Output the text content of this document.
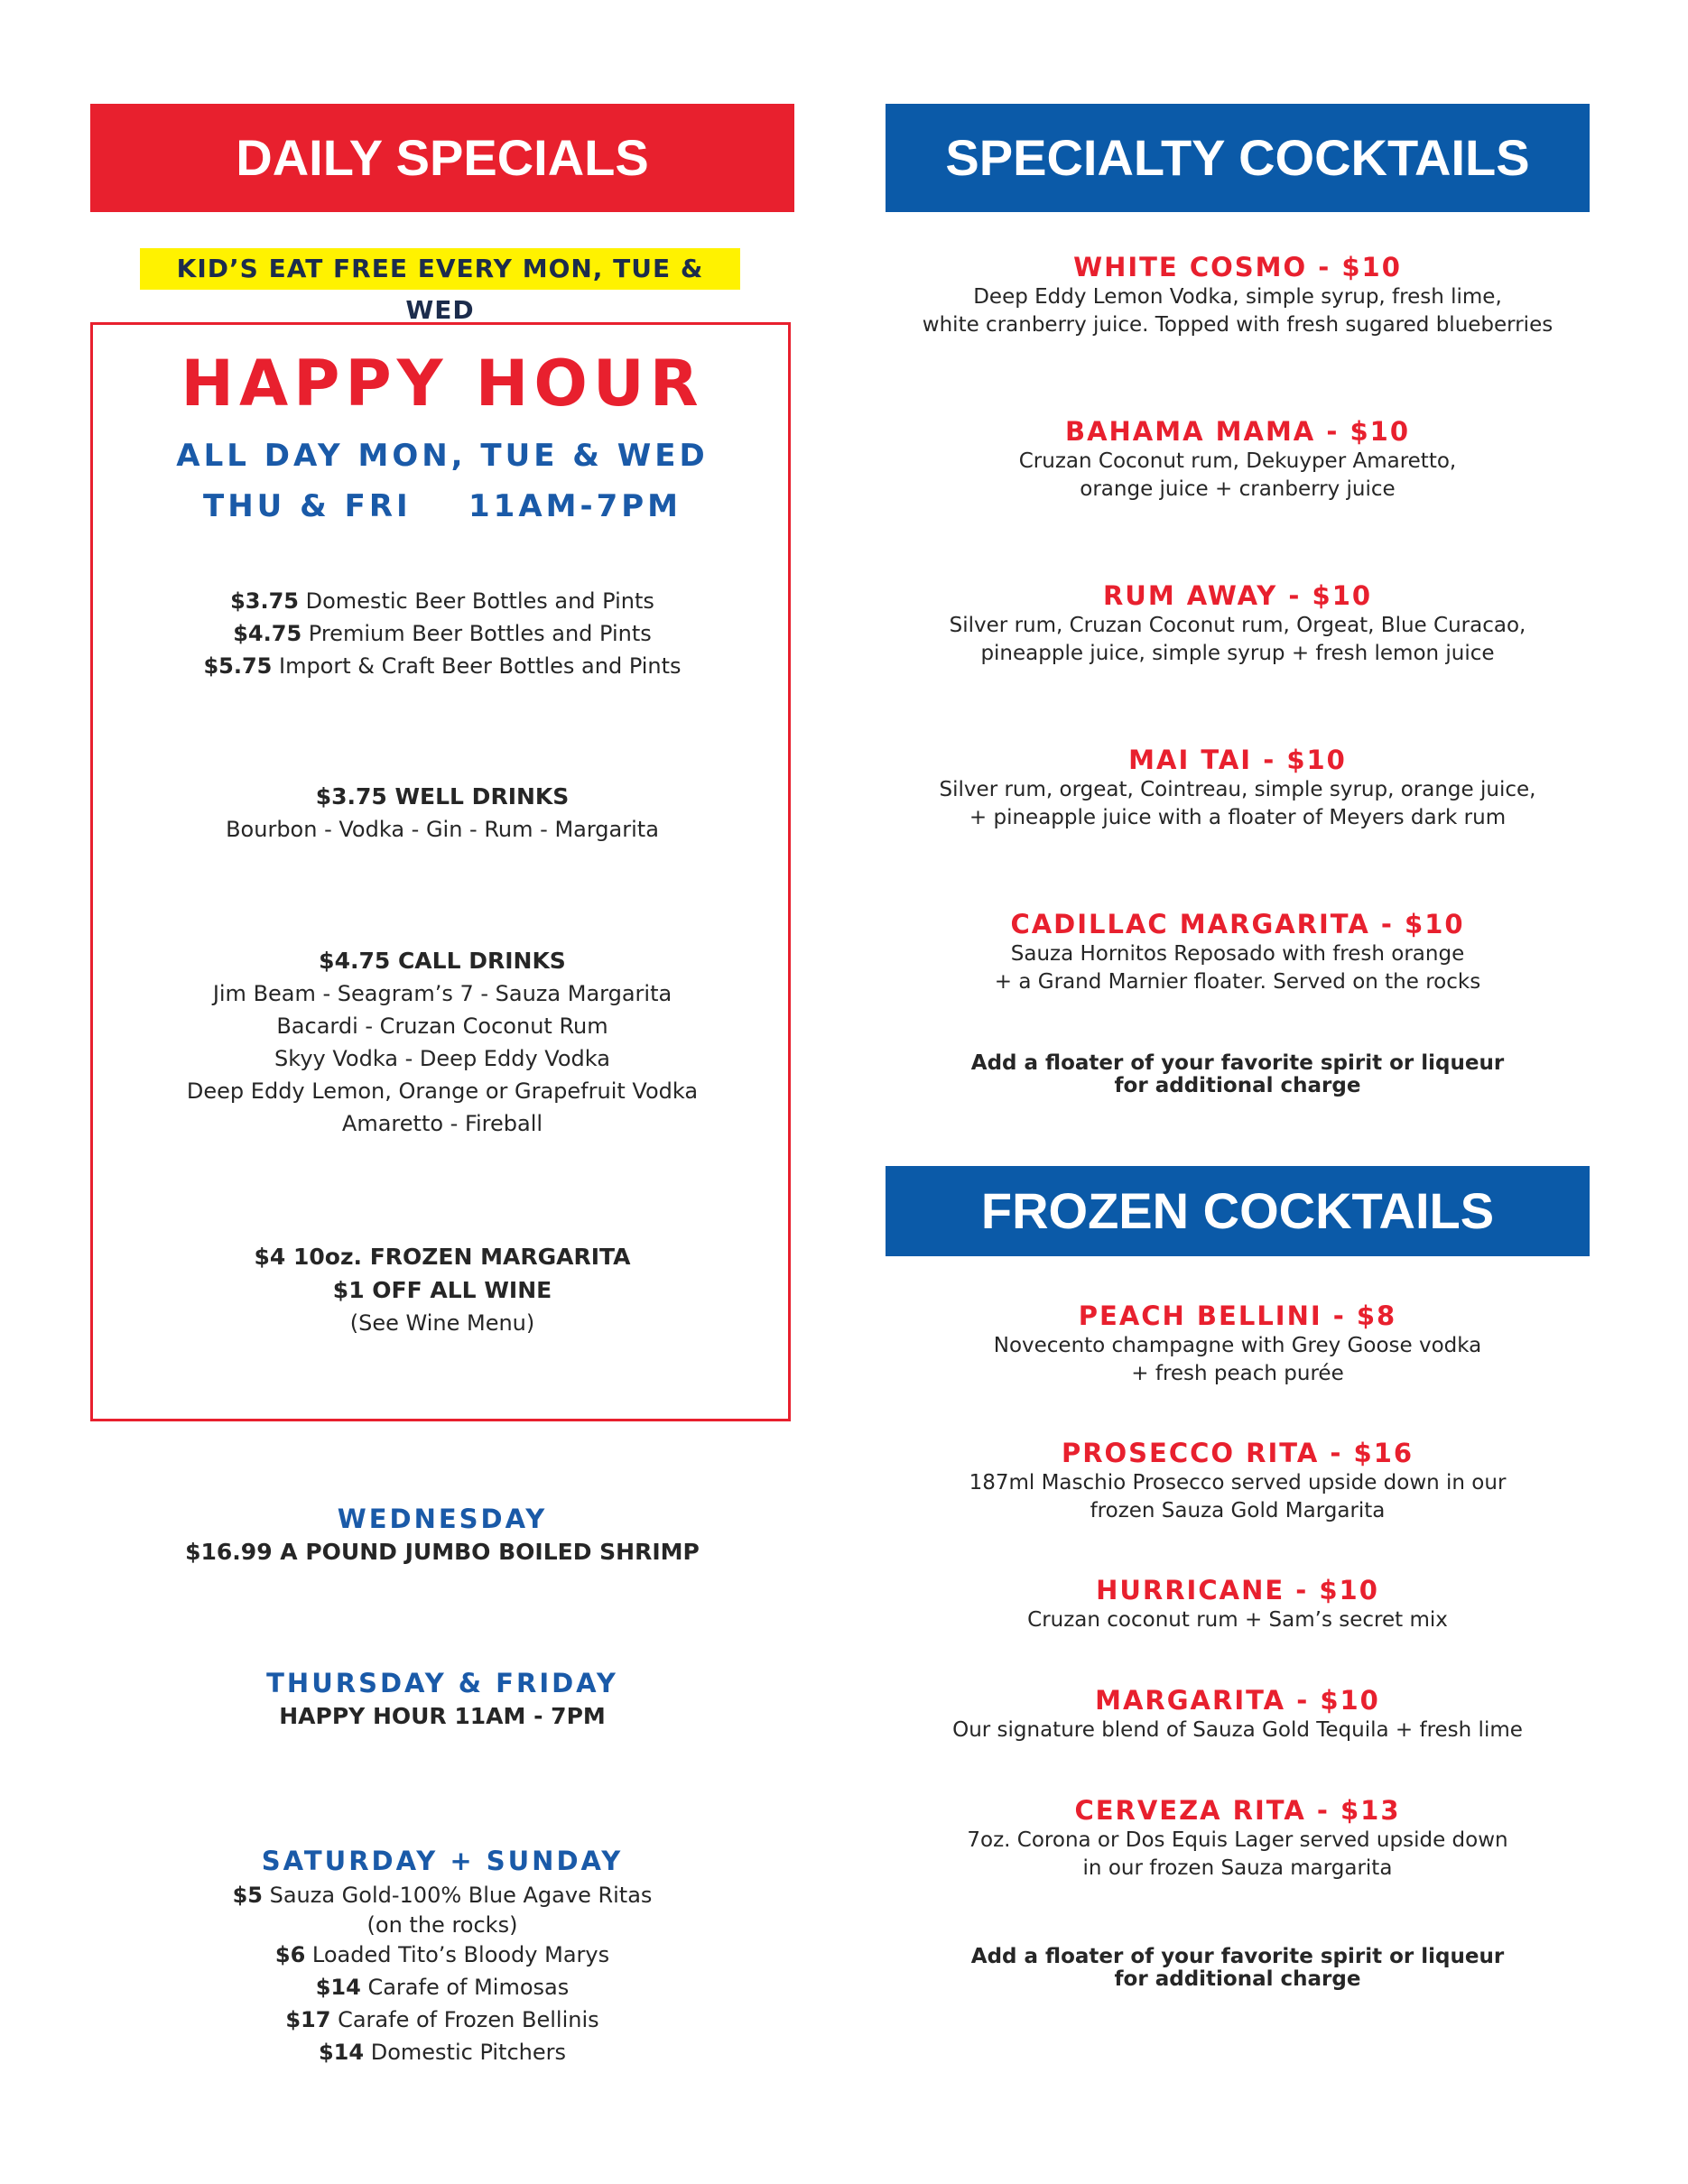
DAILY SPECIALS	SPECIALTY COCKTAILS
FROZEN COCKTAILS
KID’S EAT FREE EVERY MON, TUE & WED
HAPPY HOUR
ALL DAY MON, TUE & WED
THU & FRI    11AM-7PM
$3.75 Domestic Beer Bottles and Pints
$4.75 Premium Beer Bottles and Pints
$5.75 Import & Craft Beer Bottles and Pints
$3.75 WELL DRINKS
Bourbon - Vodka - Gin - Rum - Margarita
$4.75 CALL DRINKS
Jim Beam - Seagram’s 7 - Sauza Margarita
Bacardi - Cruzan Coconut Rum
Skyy Vodka - Deep Eddy Vodka
Deep Eddy Lemon, Orange or Grapefruit Vodka
Amaretto - Fireball
$4 10oz. FROZEN MARGARITA
$1 OFF ALL WINE
(See Wine Menu)
WEDNESDAY
$16.99 A POUND JUMBO BOILED SHRIMP
THURSDAY & FRIDAY
HAPPY HOUR 11AM - 7PM
SATURDAY + SUNDAY
$5 Sauza Gold-100% Blue Agave Ritas
(on the rocks)
$6 Loaded Tito’s Bloody Marys
$14 Carafe of Mimosas
$17 Carafe of Frozen Bellinis
$14 Domestic Pitchers
WHITE COSMO - $10
Deep Eddy Lemon Vodka, simple syrup, fresh lime,
white cranberry juice. Topped with fresh sugared blueberries
BAHAMA MAMA - $10
Cruzan Coconut rum, Dekuyper Amaretto,
orange juice + cranberry juice
RUM AWAY - $10
Silver rum, Cruzan Coconut rum, Orgeat, Blue Curacao,
pineapple juice, simple syrup + fresh lemon juice
MAI TAI - $10
Silver rum, orgeat, Cointreau, simple syrup, orange juice,
+ pineapple juice with a floater of Meyers dark rum
CADILLAC MARGARITA - $10
Sauza Hornitos Reposado with fresh orange
+ a Grand Marnier floater. Served on the rocks
Add a floater of your favorite spirit or liqueur
for additional charge
PEACH BELLINI - $8
Novecento champagne with Grey Goose vodka
+ fresh peach purée
PROSECCO RITA - $16
187ml Maschio Prosecco served upside down in our
frozen Sauza Gold Margarita
HURRICANE - $10
Cruzan coconut rum + Sam’s secret mix
MARGARITA - $10
Our signature blend of Sauza Gold Tequila + fresh lime
CERVEZA RITA - $13
7oz. Corona or Dos Equis Lager served upside down
in our frozen Sauza margarita
Add a floater of your favorite spirit or liqueur
for additional charge
